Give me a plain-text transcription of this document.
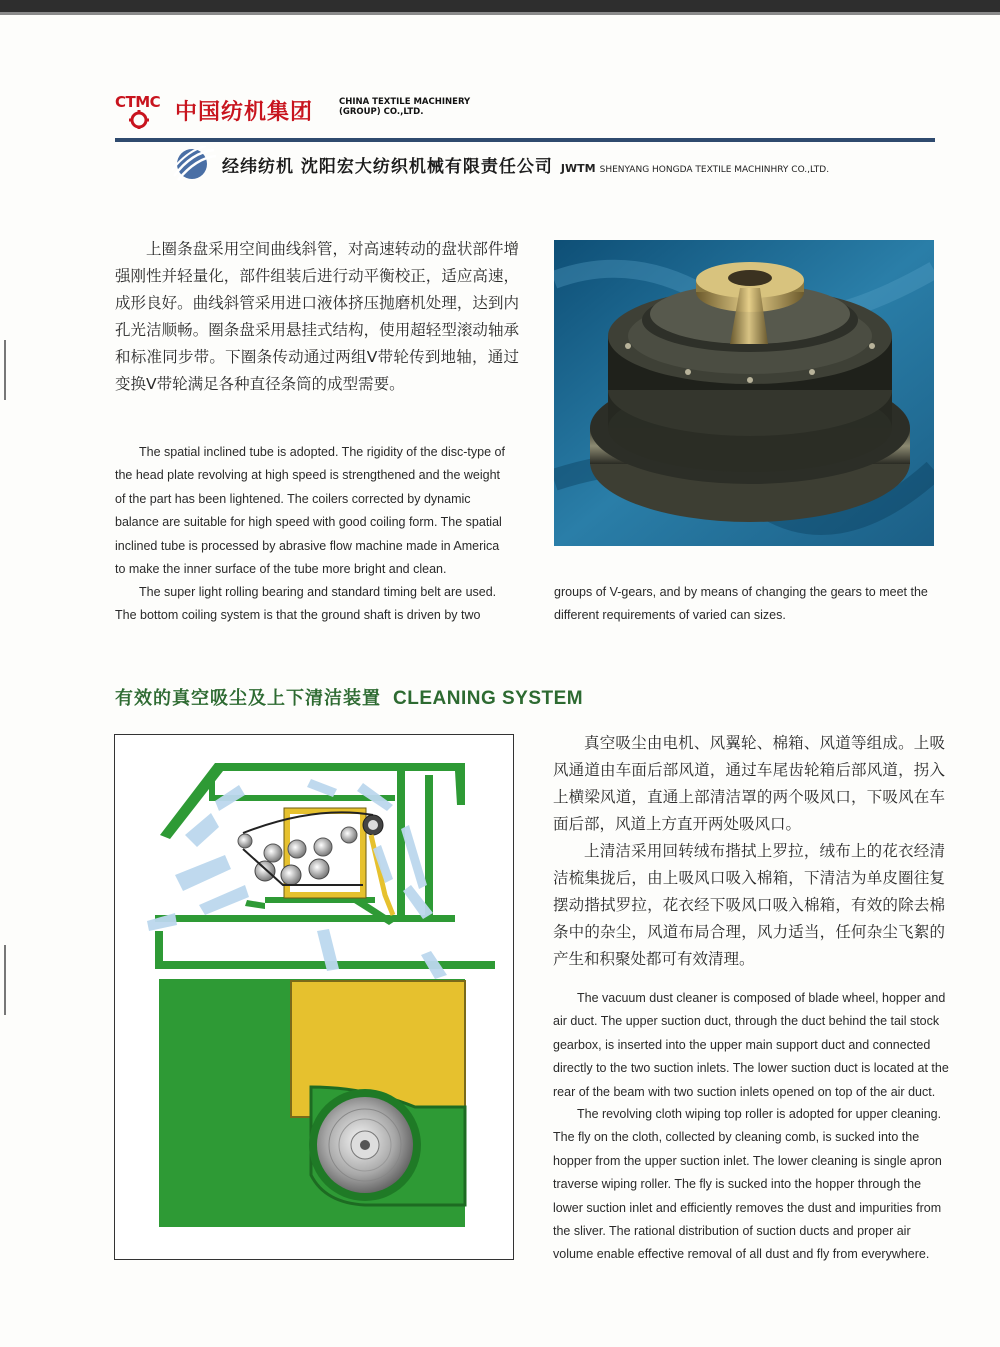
CTMC 中国纺机集团	CHINA TEXTILE MACHINERY
(GROUP) CO.,LTD.
经纬纺机 沈阳宏大纺织机械有限责任公司 JWTM SHENYANG HONGDA TEXTILE MACHINHRY CO.,LTD.
上圈条盘采用空间曲线斜管，对高速转动的盘状部件增强刚性并轻量化，部件组装后进行动平衡校正，适应高速，成形良好。曲线斜管采用进口液体挤压抛磨机处理，达到内孔光洁顺畅。圈条盘采用悬挂式结构，使用超轻型滚动轴承和标准同步带。下圈条传动通过两组V带轮传到地轴，通过变换V带轮满足各种直径条筒的成型需要。
The spatial inclined tube is adopted. The rigidity of the disc-type of the head plate revolving at high speed is strengthened and the weight of the part has been lightened. The coilers corrected by dynamic balance are suitable for high speed with good coiling form. The spatial inclined tube is processed by abrasive flow machine made in America to make the inner surface of the tube more bright and clean.
The super light rolling bearing and standard timing belt are used. The bottom coiling system is that the ground shaft is driven by two
groups of V-gears, and by means of changing the gears to meet the different requirements of varied can sizes.
有效的真空吸尘及上下清洁装置 CLEANING SYSTEM
真空吸尘由电机、风翼轮、棉箱、风道等组成。上吸风通道由车面后部风道，通过车尾齿轮箱后部风道，拐入上横梁风道，直通上部清洁罩的两个吸风口，下吸风在车面后部，风道上方直开两处吸风口。
上清洁采用回转绒布揩拭上罗拉，绒布上的花衣经清洁梳集拢后，由上吸风口吸入棉箱，下清洁为单皮圈往复摆动揩拭罗拉，花衣经下吸风口吸入棉箱，有效的除去棉条中的杂尘，风道布局合理，风力适当，任何杂尘飞絮的产生和积聚处都可有效清理。
The vacuum dust cleaner is composed of blade wheel, hopper and air duct. The upper suction duct, through the duct behind the tail stock gearbox, is inserted into the upper main support duct and connected directly to the two suction inlets. The lower suction duct is located at the rear of the beam with two suction inlets opened on top of the air duct.
The revolving cloth wiping top roller is adopted for upper cleaning. The fly on the cloth, collected by cleaning comb, is sucked into the hopper from the upper suction inlet. The lower cleaning is single apron traverse wiping roller. The fly is sucked into the hopper through the lower suction inlet and efficiently removes the dust and impurities from the sliver. The rational distribution of suction ducts and proper air volume enable effective removal of all dust and fly from everywhere.
